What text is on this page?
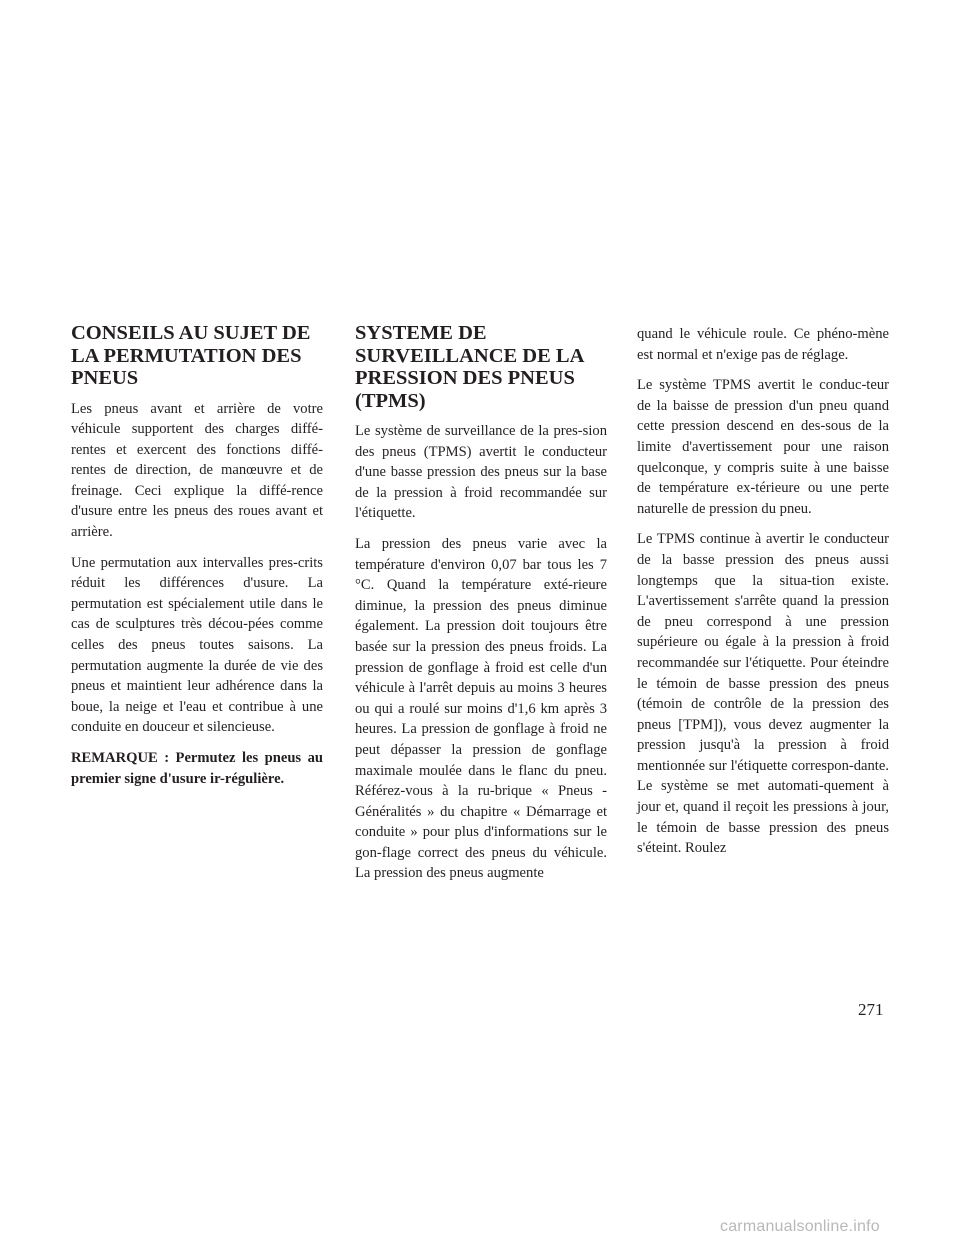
CONSEILS AU SUJET DE LA PERMUTATION DES PNEUS

Les pneus avant et arrière de votre véhicule supportent des charges diffé-rentes et exercent des fonctions diffé-rentes de direction, de manœuvre et de freinage. Ceci explique la diffé-rence d'usure entre les pneus des roues avant et arrière.

Une permutation aux intervalles pres-crits réduit les différences d'usure. La permutation est spécialement utile dans le cas de sculptures très décou-pées comme celles des pneus toutes saisons. La permutation augmente la durée de vie des pneus et maintient leur adhérence dans la boue, la neige et l'eau et contribue à une conduite en douceur et silencieuse.

REMARQUE : Permutez les pneus au premier signe d'usure ir-régulière.

SYSTEME DE SURVEILLANCE DE LA PRESSION DES PNEUS (TPMS)

Le système de surveillance de la pres-sion des pneus (TPMS) avertit le conducteur d'une basse pression des pneus sur la base de la pression à froid recommandée sur l'étiquette.

La pression des pneus varie avec la température d'environ 0,07 bar tous les 7 °C. Quand la température exté-rieure diminue, la pression des pneus diminue également. La pression doit toujours être basée sur la pression des pneus froids. La pression de gonflage à froid est celle d'un véhicule à l'arrêt depuis au moins 3 heures ou qui a roulé sur moins d'1,6 km après 3 heures. La pression de gonflage à froid ne peut dépasser la pression de gonflage maximale moulée dans le flanc du pneu. Référez-vous à la ru-brique « Pneus - Généralités » du chapitre « Démarrage et conduite » pour plus d'informations sur le gon-flage correct des pneus du véhicule. La pression des pneus augmente

quand le véhicule roule. Ce phéno-mène est normal et n'exige pas de réglage.

Le système TPMS avertit le conduc-teur de la baisse de pression d'un pneu quand cette pression descend en des-sous de la limite d'avertissement pour une raison quelconque, y compris suite à une baisse de température ex-térieure ou une perte naturelle de pression du pneu.

Le TPMS continue à avertir le conducteur de la basse pression des pneus aussi longtemps que la situa-tion existe. L'avertissement s'arrête quand la pression de pneu correspond à une pression supérieure ou égale à la pression à froid recommandée sur l'étiquette. Pour éteindre le témoin de basse pression des pneus (témoin de contrôle de la pression des pneus [TPM]), vous devez augmenter la pression jusqu'à la pression à froid mentionnée sur l'étiquette correspon-dante. Le système se met automati-quement à jour et, quand il reçoit les pressions à jour, le témoin de basse pression des pneus s'éteint. Roulez

271
carmanualsonline.info
